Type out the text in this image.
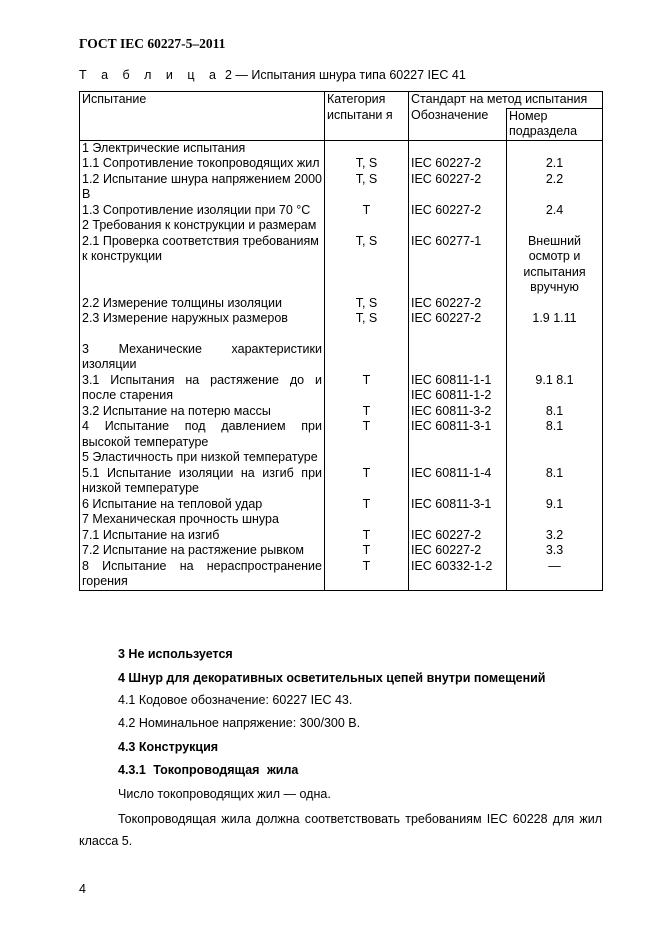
ГОСТ IEC 60227-5–2011
Т а б л и ц а 2 — Испытания шнура типа 60227 IEC 41
Испытание	Категория испытани я	Стандарт на метод испытания	
		Обозначение	Номер подраздела
1 Электрические испытания			
1.1 Сопротивление токопроводящих жил	T, S	IEC 60227-2	2.1
1.2 Испытание шнура напряжением 2000 В	T, S	IEC 60227-2	2.2
1.3 Сопротивление изоляции при 70 °С	T	IEC 60227-2	2.4
2 Требования к конструкции и размерам			
2.1 Проверка соответствия требованиям к конструкции	T, S	IEC 60277-1	Внешний осмотр и испытания вручную
2.2 Измерение толщины изоляции	T, S	IEC 60227-2	
2.3 Измерение наружных размеров	T, S	IEC 60227-2	1.9 1.11

3 Механические характеристики изоляции			
3.1 Испытания на растяжение до и после старения	T	IEC 60811-1-1 IEC 60811-1-2	9.1 8.1
3.2 Испытание на потерю массы	T	IEC 60811-3-2	8.1
4 Испытание под давлением при высокой температуре	T	IEC 60811-3-1	8.1
5 Эластичность при низкой температуре			
5.1 Испытание изоляции на изгиб при низкой температуре	T	IEC 60811-1-4	8.1
6 Испытание на тепловой удар	T	IEC 60811-3-1	9.1
7 Механическая прочность шнура			
7.1 Испытание на изгиб	T	IEC 60227-2	3.2
7.2 Испытание на растяжение рывком	T	IEC 60227-2	3.3
8 Испытание на нераспространение горения	T	IEC 60332-1-2	—
3 Не используется
4 Шнур для декоративных осветительных цепей внутри помещений
4.1 Кодовое обозначение: 60227 IEC 43.
4.2 Номинальное напряжение: 300/300 В.
4.3 Конструкция
4.3.1 Токопроводящая жила
Число токопроводящих жил — одна.
Токопроводящая жила должна соответствовать требованиям IEC 60228 для жил класса 5.
4
